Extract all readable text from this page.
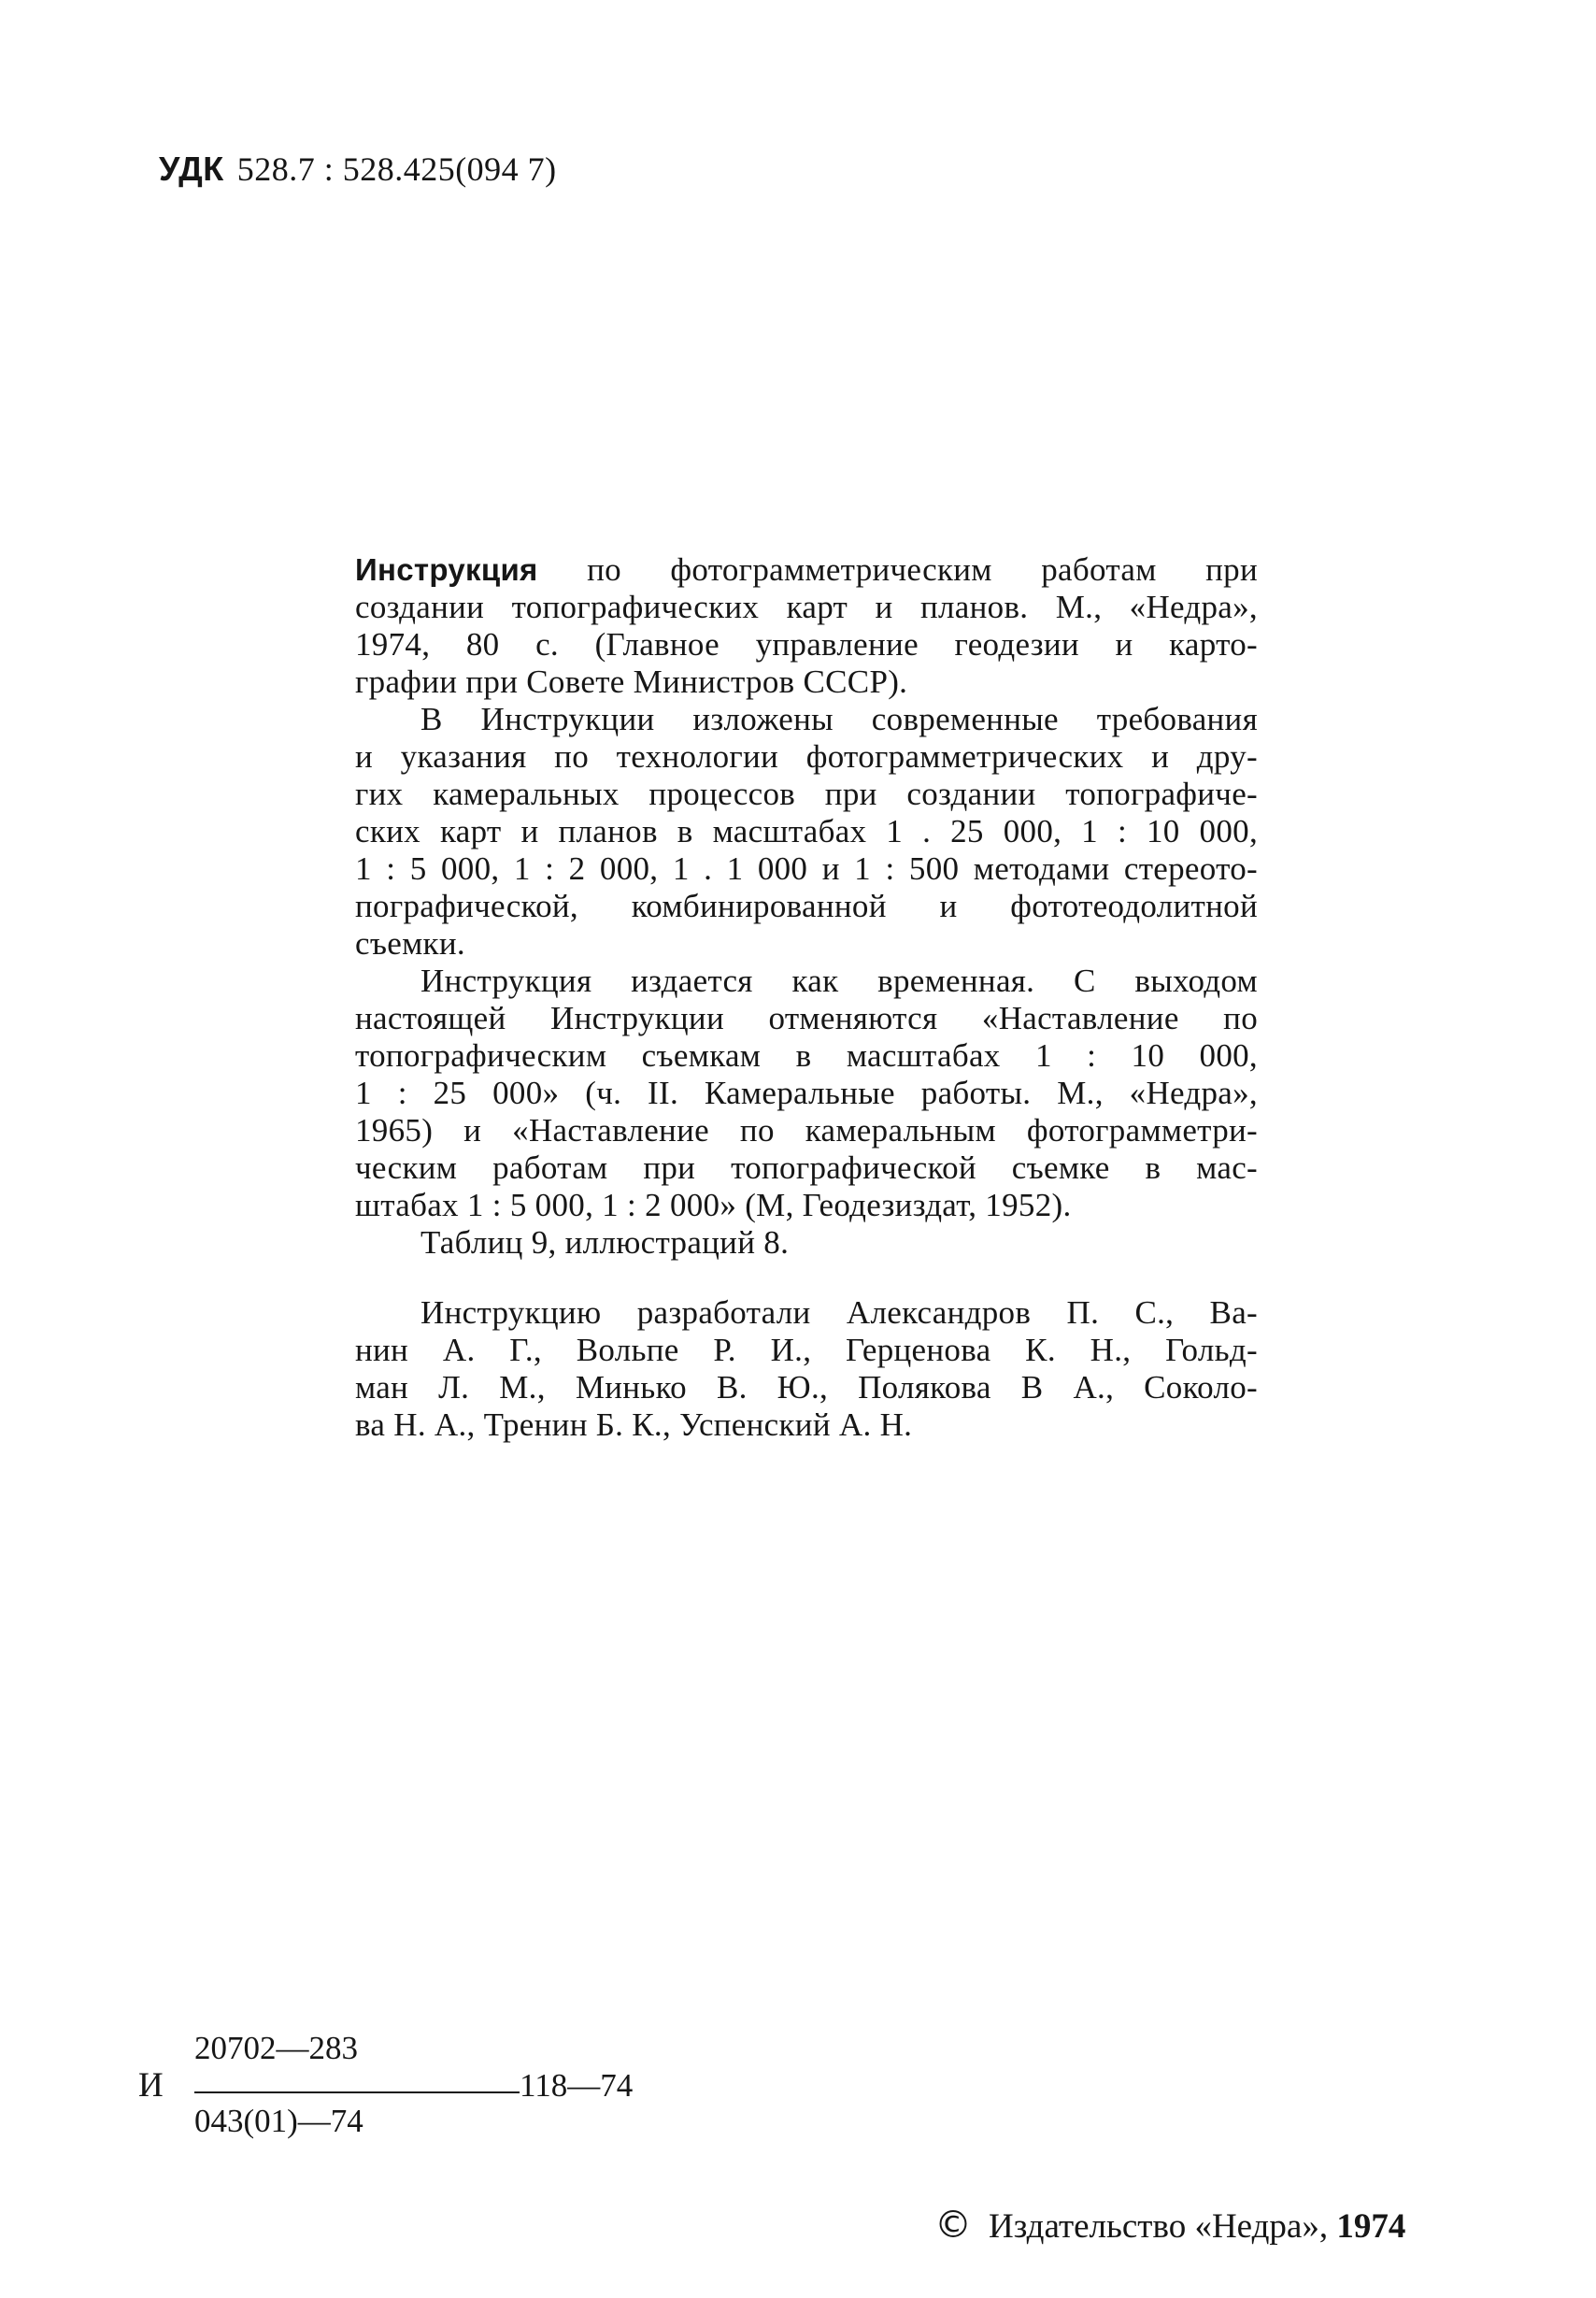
УДК 528.7 : 528.425(094 7)
Инструкция по фотограмметрическим работам при
создании топографических карт и планов. М., «Недра»,
1974, 80 с. (Главное управление геодезии и карто-
графии при Совете Министров СССР).
В Инструкции изложены современные требования
и указания по технологии фотограмметрических и дру-
гих камеральных процессов при создании топографиче-
ских карт и планов в масштабах 1 . 25 000, 1 : 10 000,
1 : 5 000, 1 : 2 000, 1 . 1 000 и 1 : 500 методами стереото-
пографической, комбинированной и фототеодолитной
съемки.
Инструкция издается как временная. С выходом
настоящей Инструкции отменяются «Наставление по
топографическим съемкам в масштабах 1 : 10 000,
1 : 25 000» (ч. II. Камеральные работы. М., «Недра»,
1965) и «Наставление по камеральным фотограмметри-
ческим работам при топографической съемке в мас-
штабах 1 : 5 000, 1 : 2 000» (М, Геодезиздат, 1952).
Таблиц 9, иллюстраций 8.
Инструкцию разработали Александров П. С., Ва-
нин А. Г., Вольпе Р. И., Герценова К. Н., Гольд-
ман Л. М., Минько В. Ю., Полякова В А., Соколо-
ва Н. А., Тренин Б. К., Успенский А. Н.
И
20702—283
043(01)—74
118—74
© Издательство «Недра», 1974
